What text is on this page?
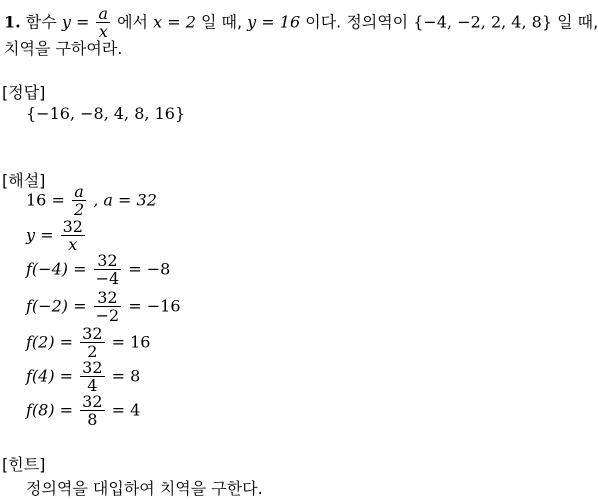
1. 함수 $y = \frac{a}{x}$ 에서 x = 2 일 때, y = 16 이다. 정의역이 {−4, −2, 2, 4, 8} 일 때,
치역을 구하여라.
[정답]
{−16, −8, 4, 8, 16}
[해설]
$16 = \frac{a}{2}$ , a = 32
$y = \frac{32}{x}$
$f(-4) = \frac{32}{-4} = -8$
$f(-2) = \frac{32}{-2} = -16$
$f(2) = \frac{32}{2} = 16$
$f(4) = \frac{32}{4} = 8$
$f(8) = \frac{32}{8} = 4$
[힌트]
정의역을 대입하여 치역을 구한다.
